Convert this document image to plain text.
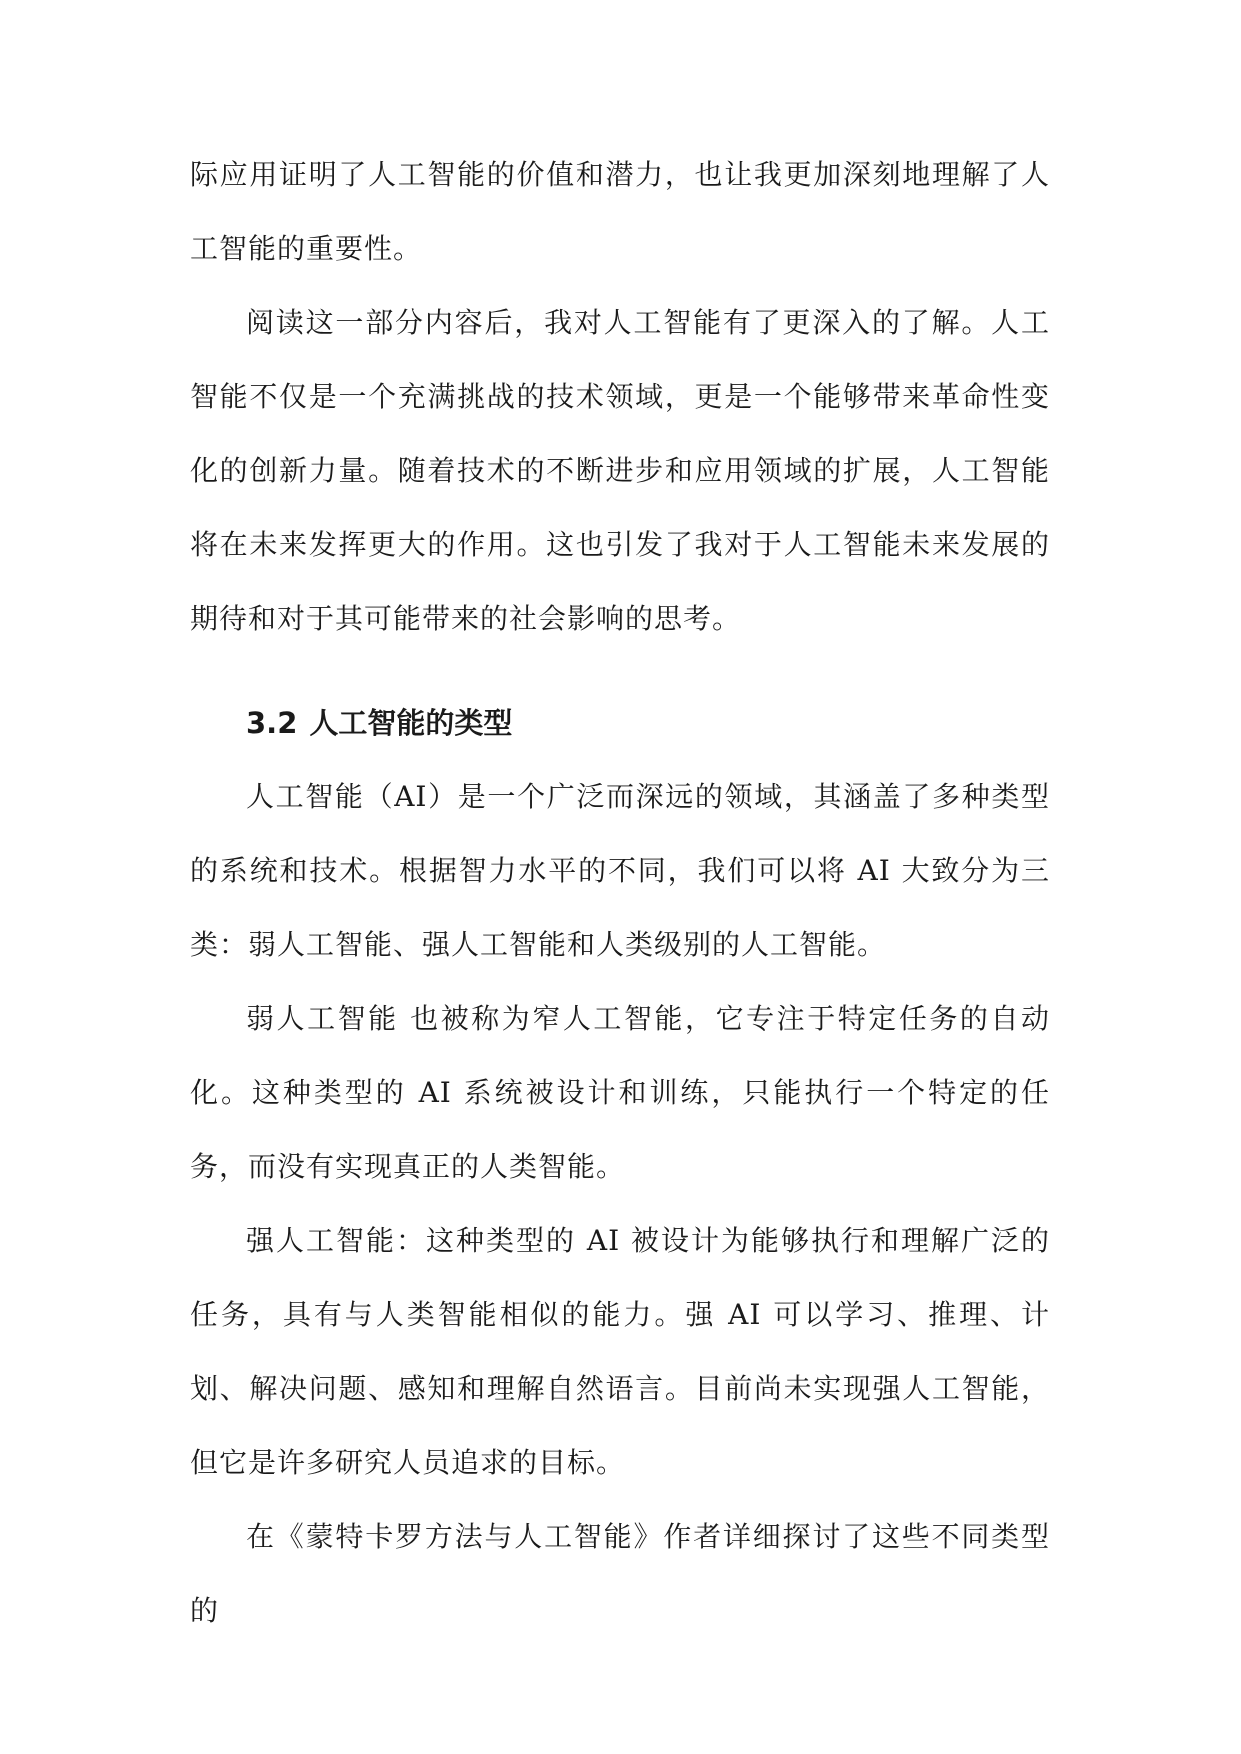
际应用证明了人工智能的价值和潜力，也让我更加深刻地理解了人工智能的重要性。

阅读这一部分内容后，我对人工智能有了更深入的了解。人工智能不仅是一个充满挑战的技术领域，更是一个能够带来革命性变化的创新力量。随着技术的不断进步和应用领域的扩展，人工智能将在未来发挥更大的作用。这也引发了我对于人工智能未来发展的期待和对于其可能带来的社会影响的思考。

3.2 人工智能的类型

人工智能（AI）是一个广泛而深远的领域，其涵盖了多种类型的系统和技术。根据智力水平的不同，我们可以将 AI 大致分为三类：弱人工智能、强人工智能和人类级别的人工智能。

弱人工智能 也被称为窄人工智能，它专注于特定任务的自动化。这种类型的 AI 系统被设计和训练，只能执行一个特定的任务，而没有实现真正的人类智能。

强人工智能：这种类型的 AI 被设计为能够执行和理解广泛的任务，具有与人类智能相似的能力。强 AI 可以学习、推理、计划、解决问题、感知和理解自然语言。目前尚未实现强人工智能，但它是许多研究人员追求的目标。

在《蒙特卡罗方法与人工智能》作者详细探讨了这些不同类型的
